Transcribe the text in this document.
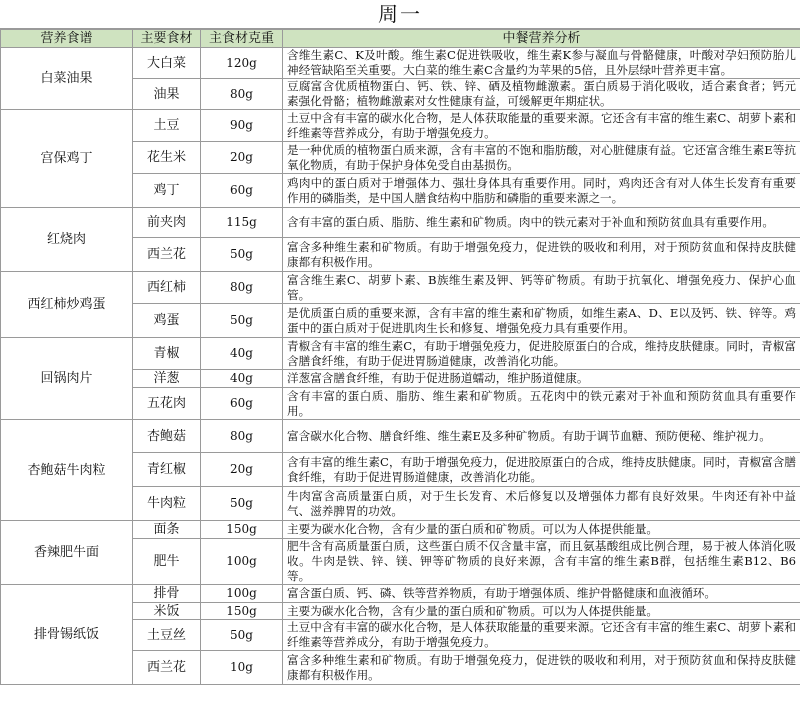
周一
营养食谱	主要食材	主食材克重	中餐营养分析
白菜油果	大白菜	120g	含维生素C、K及叶酸。维生素C促进铁吸收，维生素K参与凝血与骨骼健康，叶酸对孕妇预防胎儿神经管缺陷至关重要。大白菜的维生素C含量约为苹果的5倍，且外层绿叶营养更丰富。
	油果	80g	豆腐富含优质植物蛋白、钙、铁、锌、硒及植物雌激素。蛋白质易于消化吸收，适合素食者；钙元素强化骨骼；植物雌激素对女性健康有益，可缓解更年期症状。
宫保鸡丁	土豆	90g	土豆中含有丰富的碳水化合物，是人体获取能量的重要来源。它还含有丰富的维生素C、胡萝卜素和纤维素等营养成分，有助于增强免疫力。
	花生米	20g	是一种优质的植物蛋白质来源，含有丰富的不饱和脂肪酸，对心脏健康有益。它还富含维生素E等抗氧化物质，有助于保护身体免受自由基损伤。
	鸡丁	60g	鸡肉中的蛋白质对于增强体力、强壮身体具有重要作用。同时，鸡肉还含有对人体生长发育有重要作用的磷脂类，是中国人膳食结构中脂肪和磷脂的重要来源之一。
红烧肉	前夹肉	115g	含有丰富的蛋白质、脂肪、维生素和矿物质。肉中的铁元素对于补血和预防贫血具有重要作用。
	西兰花	50g	富含多种维生素和矿物质。有助于增强免疫力，促进铁的吸收和利用，对于预防贫血和保持皮肤健康都有积极作用。
西红柿炒鸡蛋	西红柿	80g	富含维生素C、胡萝卜素、B族维生素及钾、钙等矿物质。有助于抗氧化、增强免疫力、保护心血管。
	鸡蛋	50g	是优质蛋白质的重要来源，含有丰富的维生素和矿物质，如维生素A、D、E以及钙、铁、锌等。鸡蛋中的蛋白质对于促进肌肉生长和修复、增强免疫力具有重要作用。
回锅肉片	青椒	40g	青椒含有丰富的维生素C，有助于增强免疫力，促进胶原蛋白的合成，维持皮肤健康。同时，青椒富含膳食纤维，有助于促进胃肠道健康，改善消化功能。
	洋葱	40g	洋葱富含膳食纤维，有助于促进肠道蠕动，维护肠道健康。
	五花肉	60g	含有丰富的蛋白质、脂肪、维生素和矿物质。五花肉中的铁元素对于补血和预防贫血具有重要作用。
杏鲍菇牛肉粒	杏鲍菇	80g	富含碳水化合物、膳食纤维、维生素E及多种矿物质。有助于调节血糖、预防便秘、维护视力。
	青红椒	20g	含有丰富的维生素C，有助于增强免疫力，促进胶原蛋白的合成，维持皮肤健康。同时，青椒富含膳食纤维，有助于促进胃肠道健康，改善消化功能。
	牛肉粒	50g	牛肉富含高质量蛋白质，对于生长发育、术后修复以及增强体力都有良好效果。牛肉还有补中益气、滋养脾胃的功效。
香辣肥牛面	面条	150g	主要为碳水化合物，含有少量的蛋白质和矿物质。可以为人体提供能量。
	肥牛	100g	肥牛含有高质量蛋白质，这些蛋白质不仅含量丰富，而且氨基酸组成比例合理，易于被人体消化吸收。牛肉是铁、锌、镁、钾等矿物质的良好来源，含有丰富的维生素B群，包括维生素B12、B6等。
排骨锡纸饭	排骨	100g	富含蛋白质、钙、磷、铁等营养物质，有助于增强体质、维护骨骼健康和血液循环。
	米饭	150g	主要为碳水化合物，含有少量的蛋白质和矿物质。可以为人体提供能量。
	土豆丝	50g	土豆中含有丰富的碳水化合物，是人体获取能量的重要来源。它还含有丰富的维生素C、胡萝卜素和纤维素等营养成分，有助于增强免疫力。
	西兰花	10g	富含多种维生素和矿物质。有助于增强免疫力，促进铁的吸收和利用，对于预防贫血和保持皮肤健康都有积极作用。
